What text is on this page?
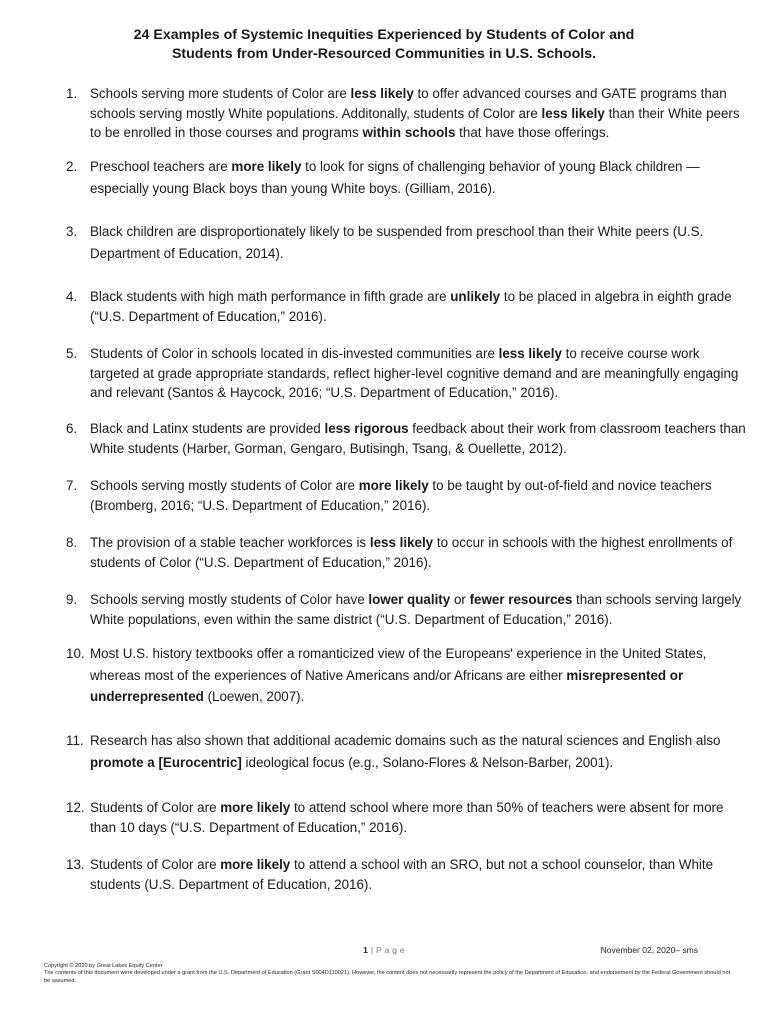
24 Examples of Systemic Inequities Experienced by Students of Color and
Students from Under-Resourced Communities in U.S. Schools.
1. Schools serving more students of Color are less likely to offer advanced courses and GATE programs than schools serving mostly White populations. Additonally, students of Color are less likely than their White peers to be enrolled in those courses and programs within schools that have those offerings.
2. Preschool teachers are more likely to look for signs of challenging behavior of young Black children — especially young Black boys than young White boys. (Gilliam, 2016).
3. Black children are disproportionately likely to be suspended from preschool than their White peers (U.S. Department of Education, 2014).
4. Black students with high math performance in fifth grade are unlikely to be placed in algebra in eighth grade (“U.S. Department of Education,” 2016).
5. Students of Color in schools located in dis-invested communities are less likely to receive course work targeted at grade appropriate standards, reflect higher-level cognitive demand and are meaningfully engaging and relevant (Santos & Haycock, 2016; “U.S. Department of Education,” 2016).
6. Black and Latinx students are provided less rigorous feedback about their work from classroom teachers than White students (Harber, Gorman, Gengaro, Butisingh, Tsang, & Ouellette, 2012).
7. Schools serving mostly students of Color are more likely to be taught by out-of-field and novice teachers (Bromberg, 2016; “U.S. Department of Education,” 2016).
8. The provision of a stable teacher workforces is less likely to occur in schools with the highest enrollments of students of Color (“U.S. Department of Education,” 2016).
9. Schools serving mostly students of Color have lower quality or fewer resources than schools serving largely White populations, even within the same district (“U.S. Department of Education,” 2016).
10. Most U.S. history textbooks offer a romanticized view of the Europeans' experience in the United States, whereas most of the experiences of Native Americans and/or Africans are either misrepresented or underrepresented (Loewen, 2007).
11. Research has also shown that additional academic domains such as the natural sciences and English also promote a [Eurocentric] ideological focus (e.g., Solano-Flores & Nelson-Barber, 2001).
12. Students of Color are more likely to attend school where more than 50% of teachers were absent for more than 10 days (“U.S. Department of Education,” 2016).
13. Students of Color are more likely to attend a school with an SRO, but not a school counselor, than White students (U.S. Department of Education, 2016).
1 | P a g e	November 02, 2020– sms
Copyright © 2020 by Great Lakes Equity Center
The contents of this document were developed under a grant from the U.S. Department of Education (Grant S004D110021). However, the content does not necessarily represent the policy of the Department of Education, and endorsement by the Federal Government should not be assumed.
